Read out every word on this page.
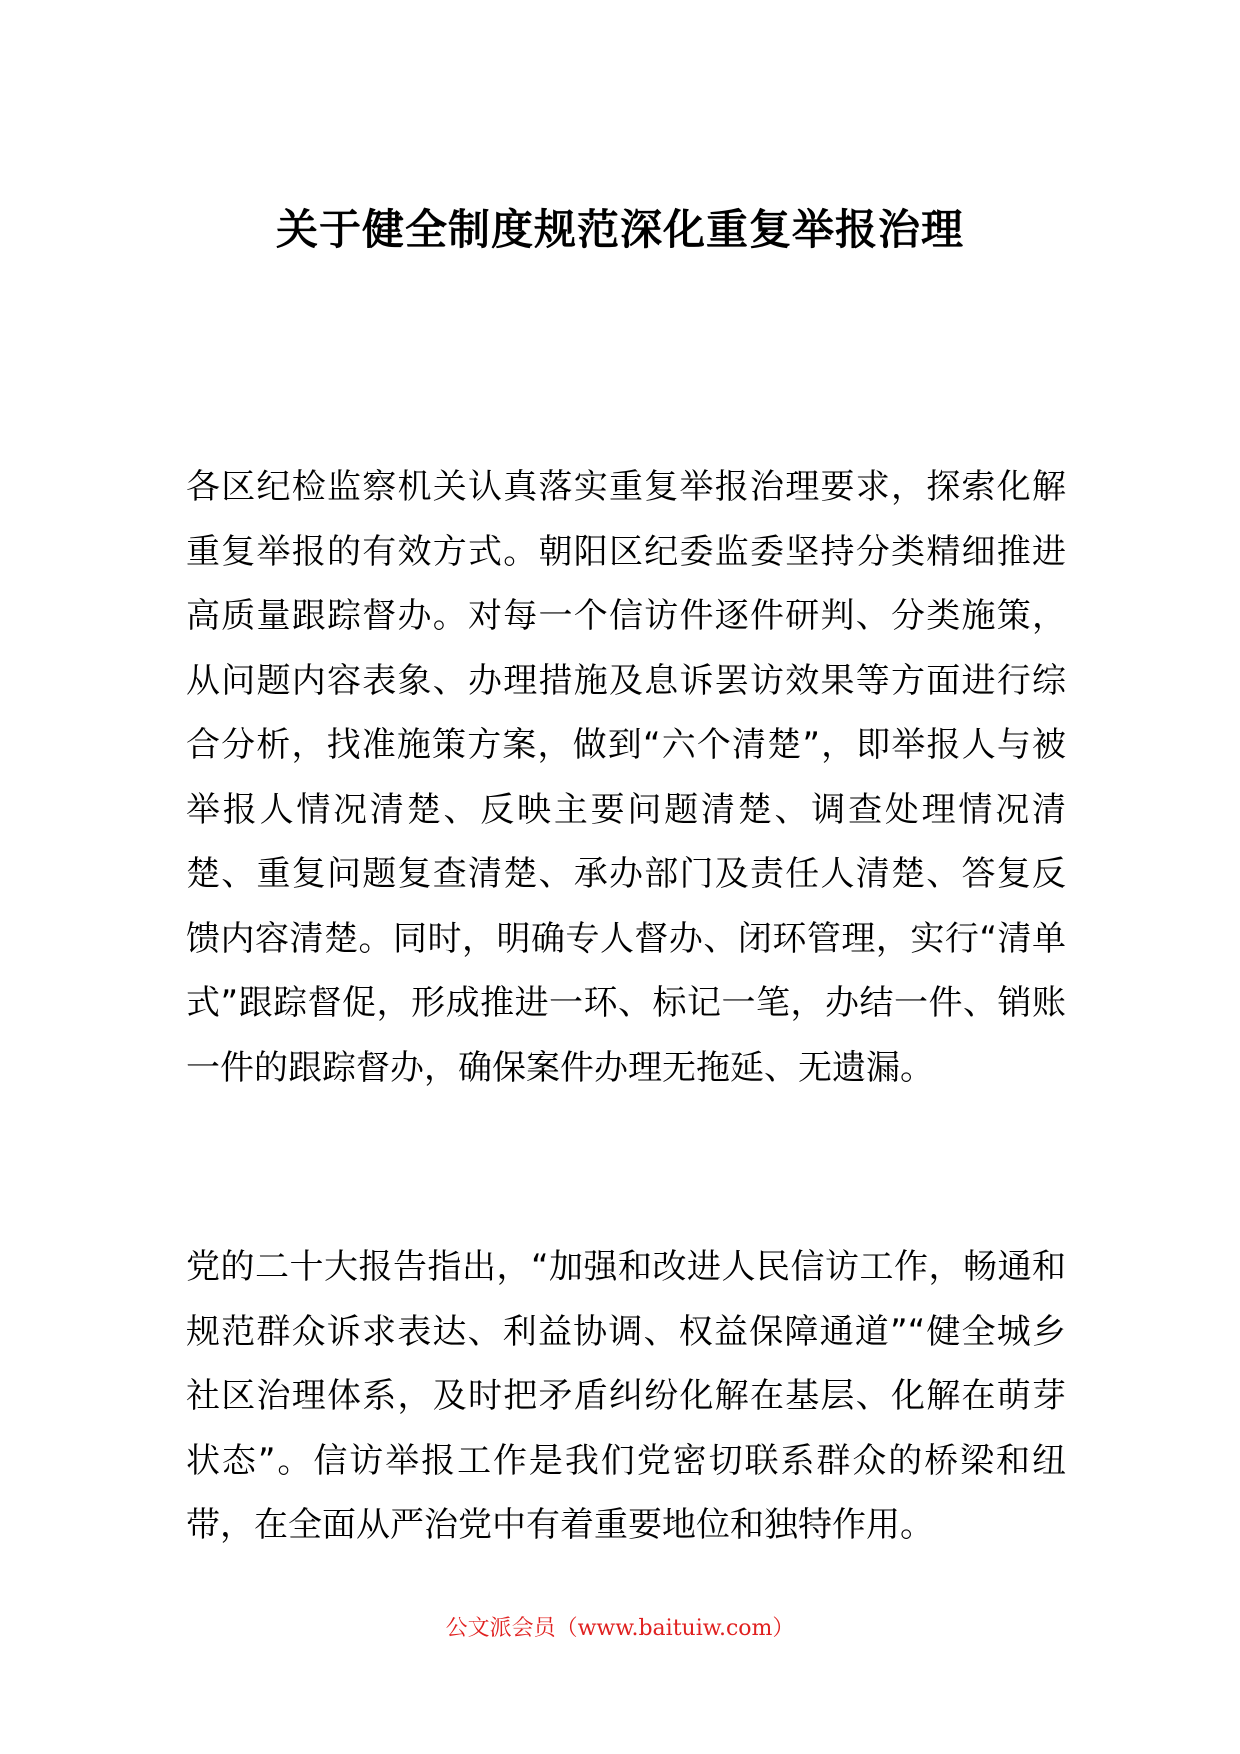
关于健全制度规范深化重复举报治理

各区纪检监察机关认真落实重复举报治理要求，探索化解重复举报的有效方式。朝阳区纪委监委坚持分类精细推进高质量跟踪督办。对每一个信访件逐件研判、分类施策，从问题内容表象、办理措施及息诉罢访效果等方面进行综合分析，找准施策方案，做到“六个清楚”，即举报人与被举报人情况清楚、反映主要问题清楚、调查处理情况清楚、重复问题复查清楚、承办部门及责任人清楚、答复反馈内容清楚。同时，明确专人督办、闭环管理，实行“清单式”跟踪督促，形成推进一环、标记一笔，办结一件、销账一件的跟踪督办，确保案件办理无拖延、无遗漏。

党的二十大报告指出，“加强和改进人民信访工作，畅通和规范群众诉求表达、利益协调、权益保障通道”“健全城乡社区治理体系，及时把矛盾纠纷化解在基层、化解在萌芽状态”。信访举报工作是我们党密切联系群众的桥梁和纽带，在全面从严治党中有着重要地位和独特作用。

公文派会员（www.baituiw.com）
